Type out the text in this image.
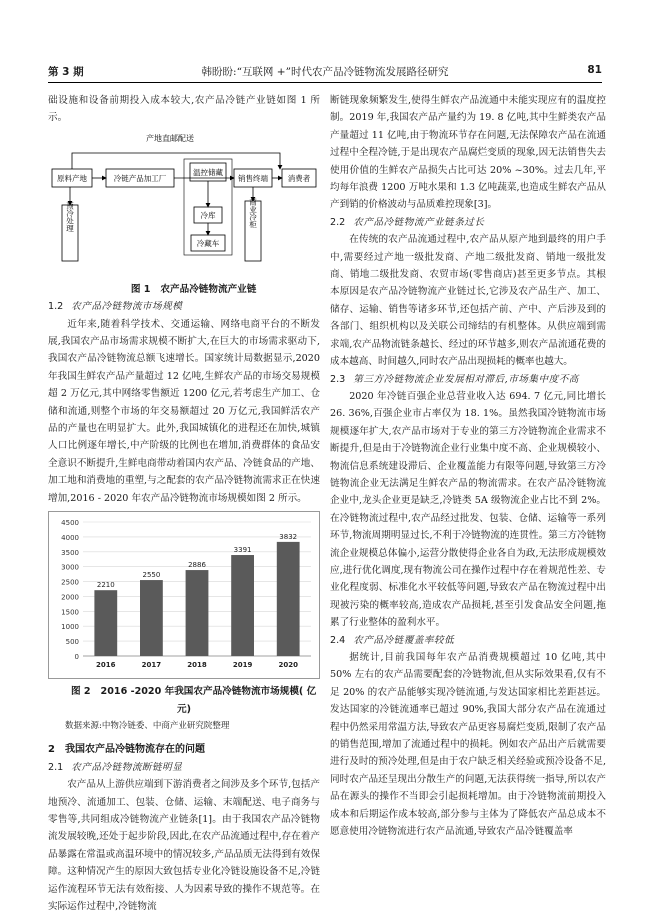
第 3 期	韩盼盼:“互联网 +”时代农产品冷链物流发展路径研究	81

础设施和设备前期投入成本较大,农产品冷链产业链如图 1 所示。

产地直邮配送
原料产地	冷链产品加工厂
温控储藏
销售终端	消费者
预冷处理	冷库
冷藏车
商业冷柜

图 1 农产品冷链物流产业链

1.2 农产品冷链物流市场规模

近年来,随着科学技术、交通运输、网络电商平台的不断发展,我国农产品市场需求规模不断扩大,在巨大的市场需求驱动下,我国农产品冷链物流总额飞速增长。国家统计局数据显示,2020 年我国生鲜农产品产量超过 12 亿吨,生鲜农产品的市场交易规模超 2 万亿元,其中网络零售额近 1200 亿元,若考虑生产加工、仓储和流通,则整个市场的年交易额超过 20 万亿元,我国鲜活农产品的产量也在明显扩大。此外,我国城镇化的进程还在加快,城镇人口比例逐年增长,中产阶级的比例也在增加,消费群体的食品安全意识不断提升,生鲜电商带动着国内农产品、冷链食品的产地、加工地和消费地的重塑,与之配套的农产品冷链物流需求正在快速增加,2016 - 2020 年农产品冷链物流市场规模如图 2 所示。

0
500
1000
1500
2000
2500
3000
3500
4000
4500
2210
2016
2550
2017
2886
2018
3391
2019
3832
2020

图 2 2016 -2020 年我国农产品冷链物流市场规模( 亿元)

数据来源:中物冷链委、中商产业研究院整理

2 我国农产品冷链物流存在的问题
2.1 农产品冷链物流断链明显

农产品从上游供应端到下游消费者之间涉及多个环节,包括产地预冷、流通加工、包装、仓储、运输、末端配送、电子商务与零售等,共同组成冷链物流产业链条[1]。由于我国农产品冷链物流发展较晚,还处于起步阶段,因此,在农产品流通过程中,存在着产品暴露在常温或高温环境中的情况较多,产品品质无法得到有效保障。这种情况产生的原因大致包括专业化冷链设施设备不足,冷链运作流程环节无法有效衔接、人为因素导致的操作不规范等。在实际运作过程中,冷链物流

断链现象频繁发生,使得生鲜农产品流通中未能实现应有的温度控制。2019 年,我国农产品产量约为 19. 8 亿吨,其中生鲜类农产品产量超过 11 亿吨,由于物流环节存在问题,无法保障农产品在流通过程中全程冷链,于是出现农产品腐烂变质的现象,因无法销售失去使用价值的生鲜农产品损失占比可达 20% ~30%。过去几年,平均每年浪费 1200 万吨水果和 1.3 亿吨蔬菜,也造成生鲜农产品从产到销的价格波动与品质难控现象[3]。

2.2 农产品冷链物流产业链条过长

在传统的农产品流通过程中,农产品从原产地到最终的用户手中,需要经过产地一级批发商、产地二级批发商、销地一级批发商、销地二级批发商、农贸市场(零售商店)甚至更多节点。其根本原因是农产品冷链物流产业链过长,它涉及农产品生产、加工、储存、运输、销售等诸多环节,还包括产前、产中、产后涉及到的各部门、组织机构以及关联公司缔结的有机整体。从供应端到需求端,农产品物流链条越长、经过的环节越多,则农产品流通花费的成本越高、时间越久,同时农产品出现损耗的概率也越大。

2.3 第三方冷链物流企业发展相对滞后,市场集中度不高

2020 年冷链百强企业总营业收入达 694. 7 亿元,同比增长 26. 36%,百强企业市占率仅为 18. 1%。虽然我国冷链物流市场规模逐年扩大,农产品市场对于专业的第三方冷链物流企业需求不断提升,但是由于冷链物流企业行业集中度不高、企业规模较小、物流信息系统建设滞后、企业覆盖能力有限等问题,导致第三方冷链物流企业无法满足生鲜农产品的物流需求。在农产品冷链物流企业中,龙头企业更是缺乏,冷链类 5A 级物流企业占比不到 2%。在冷链物流过程中,农产品经过批发、包装、仓储、运输等一系列环节,物流周期明显过长,不利于冷链物流的连贯性。第三方冷链物流企业规模总体偏小,运营分散使得企业各自为政,无法形成规模效应,进行优化调度,现有物流公司在操作过程中存在着规范性差、专业化程度弱、标准化水平较低等问题,导致农产品在物流过程中出现被污染的概率较高,造成农产品损耗,甚至引发食品安全问题,拖累了行业整体的盈利水平。

2.4 农产品冷链覆盖率较低

据统计,目前我国每年农产品消费规模超过 10 亿吨,其中 50% 左右的农产品需要配套的冷链物流,但从实际效果看,仅有不足 20% 的农产品能够实现冷链流通,与发达国家相比差距甚远。发达国家的冷链流通率已超过 90%,我国大部分农产品在流通过程中仍然采用常温方法,导致农产品更容易腐烂变质,限制了农产品的销售范围,增加了流通过程中的损耗。例如农产品出产后就需要进行及时的预冷处理,但是由于农户缺乏相关经验或预冷设备不足,同时农产品还呈现出分散生产的问题,无法获得统一指导,所以农产品在源头的操作不当即会引起损耗增加。由于冷链物流前期投入成本和后期运作成本较高,部分参与主体为了降低农产品总成本不愿意使用冷链物流进行农产品流通,导致农产品冷链覆盖率
